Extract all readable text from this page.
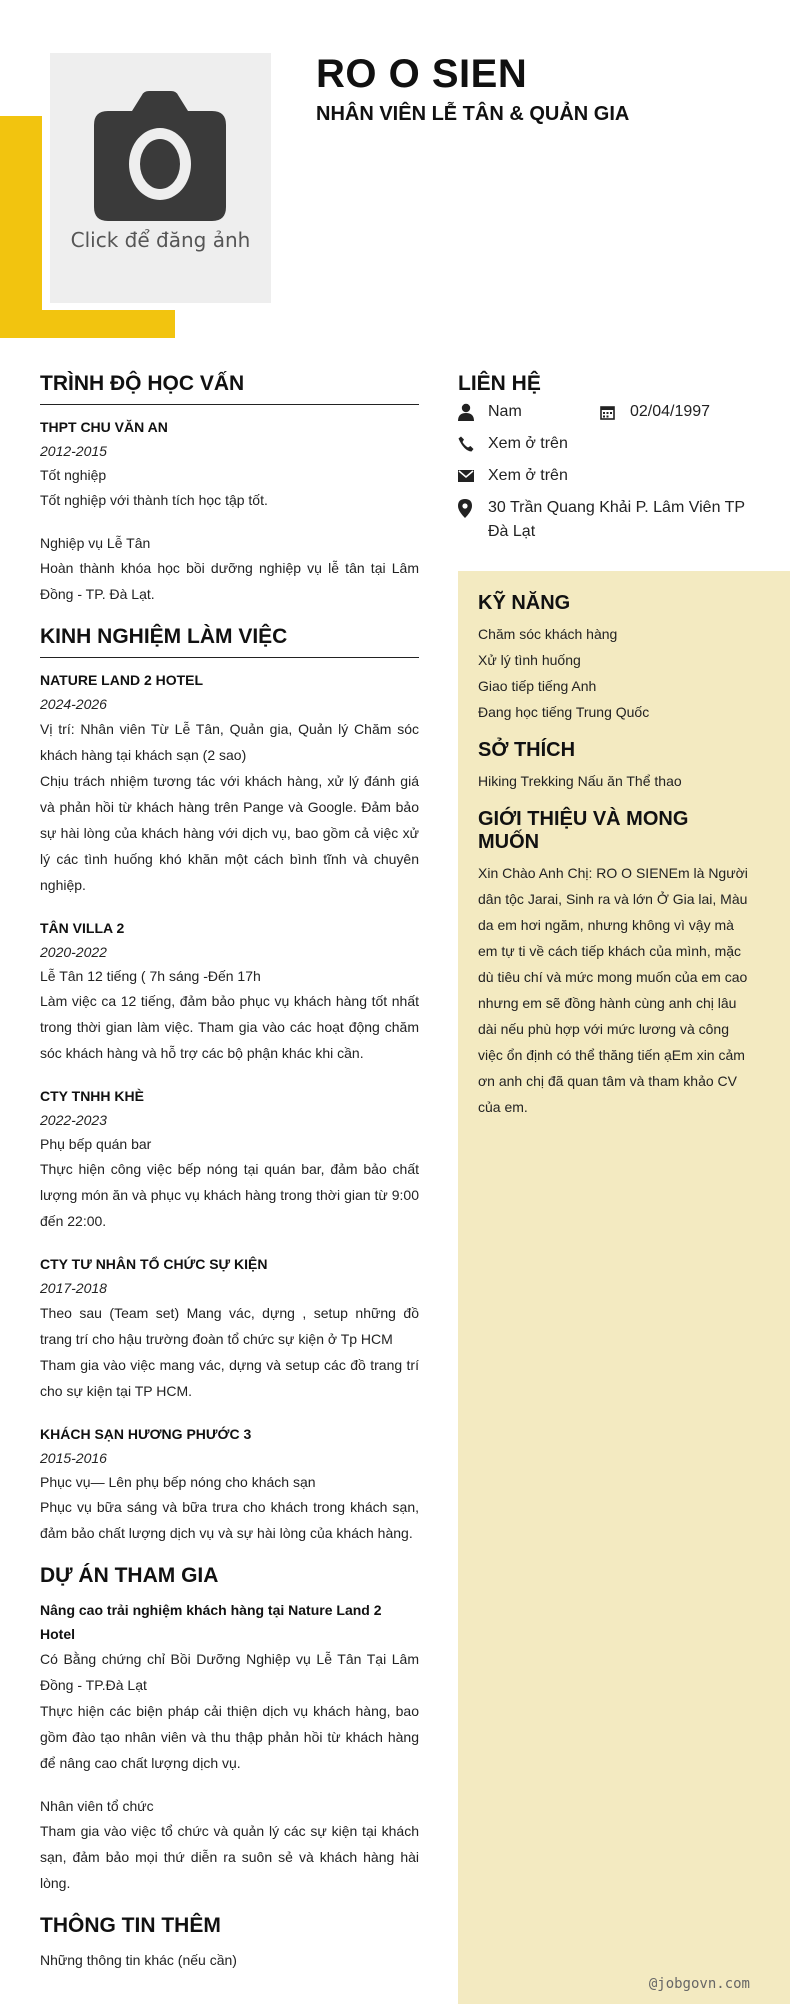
Click để đăng ảnh
RO O SIEN
NHÂN VIÊN LỄ TÂN & QUẢN GIA
TRÌNH ĐỘ HỌC VẤN
THPT CHU VĂN AN
2012-2015
Tốt nghiệp
Tốt nghiệp với thành tích học tập tốt.
Nghiệp vụ Lễ Tân
Hoàn thành khóa học bồi dưỡng nghiệp vụ lễ tân tại Lâm Đồng - TP. Đà Lạt.
KINH NGHIỆM LÀM VIỆC
NATURE LAND 2 HOTEL
2024-2026
Vị trí: Nhân viên Từ Lễ Tân, Quản gia, Quản lý Chăm sóc khách hàng tại khách sạn (2 sao)
Chịu trách nhiệm tương tác với khách hàng, xử lý đánh giá và phản hồi từ khách hàng trên Pange và Google. Đảm bảo sự hài lòng của khách hàng với dịch vụ, bao gồm cả việc xử lý các tình huống khó khăn một cách bình tĩnh và chuyên nghiệp.
TÂN VILLA 2
2020-2022
Lễ Tân 12 tiếng ( 7h sáng -Đến 17h
Làm việc ca 12 tiếng, đảm bảo phục vụ khách hàng tốt nhất trong thời gian làm việc. Tham gia vào các hoạt động chăm sóc khách hàng và hỗ trợ các bộ phận khác khi cần.
CTY TNHH KHÈ
2022-2023
Phụ bếp quán bar
Thực hiện công việc bếp nóng tại quán bar, đảm bảo chất lượng món ăn và phục vụ khách hàng trong thời gian từ 9:00 đến 22:00.
CTY TƯ NHÂN TỔ CHỨC SỰ KIỆN
2017-2018
Theo sau (Team set) Mang vác, dựng , setup những đồ trang trí cho hậu trường đoàn tổ chức sự kiện ở Tp HCM
Tham gia vào việc mang vác, dựng và setup các đồ trang trí cho sự kiện tại TP HCM.
KHÁCH SẠN HƯƠNG PHƯỚC 3
2015-2016
Phục vụ— Lên phụ bếp nóng cho khách sạn
Phục vụ bữa sáng và bữa trưa cho khách trong khách sạn, đảm bảo chất lượng dịch vụ và sự hài lòng của khách hàng.
DỰ ÁN THAM GIA
Nâng cao trải nghiệm khách hàng tại Nature Land 2 Hotel
Có Bằng chứng chỉ Bồi Dưỡng Nghiệp vụ Lễ Tân Tại Lâm Đồng - TP.Đà Lạt
Thực hiện các biện pháp cải thiện dịch vụ khách hàng, bao gồm đào tạo nhân viên và thu thập phản hồi từ khách hàng để nâng cao chất lượng dịch vụ.
Nhân viên tổ chức
Tham gia vào việc tổ chức và quản lý các sự kiện tại khách sạn, đảm bảo mọi thứ diễn ra suôn sẻ và khách hàng hài lòng.
THÔNG TIN THÊM
Những thông tin khác (nếu cần)
LIÊN HỆ
Nam	02/04/1997
Xem ở trên
Xem ở trên
30 Trần Quang Khải P. Lâm Viên TP Đà Lạt
KỸ NĂNG
Chăm sóc khách hàng
Xử lý tình huống
Giao tiếp tiếng Anh
Đang học tiếng Trung Quốc
SỞ THÍCH
Hiking Trekking Nấu ăn Thể thao
GIỚI THIỆU VÀ MONG MUỐN
Xin Chào Anh Chị: RO O SIENEm là Người dân tộc Jarai, Sinh ra và lớn Ở Gia lai, Màu da em hơi ngăm, nhưng không vì vậy mà em tự ti về cách tiếp khách của mình, mặc dù tiêu chí và mức mong muốn của em cao nhưng em sẽ đồng hành cùng anh chị lâu dài nếu phù hợp với mức lương và công việc ổn định có thể thăng tiến ạEm xin cảm ơn anh chị đã quan tâm và tham khảo CV của em.
@jobgovn.com
